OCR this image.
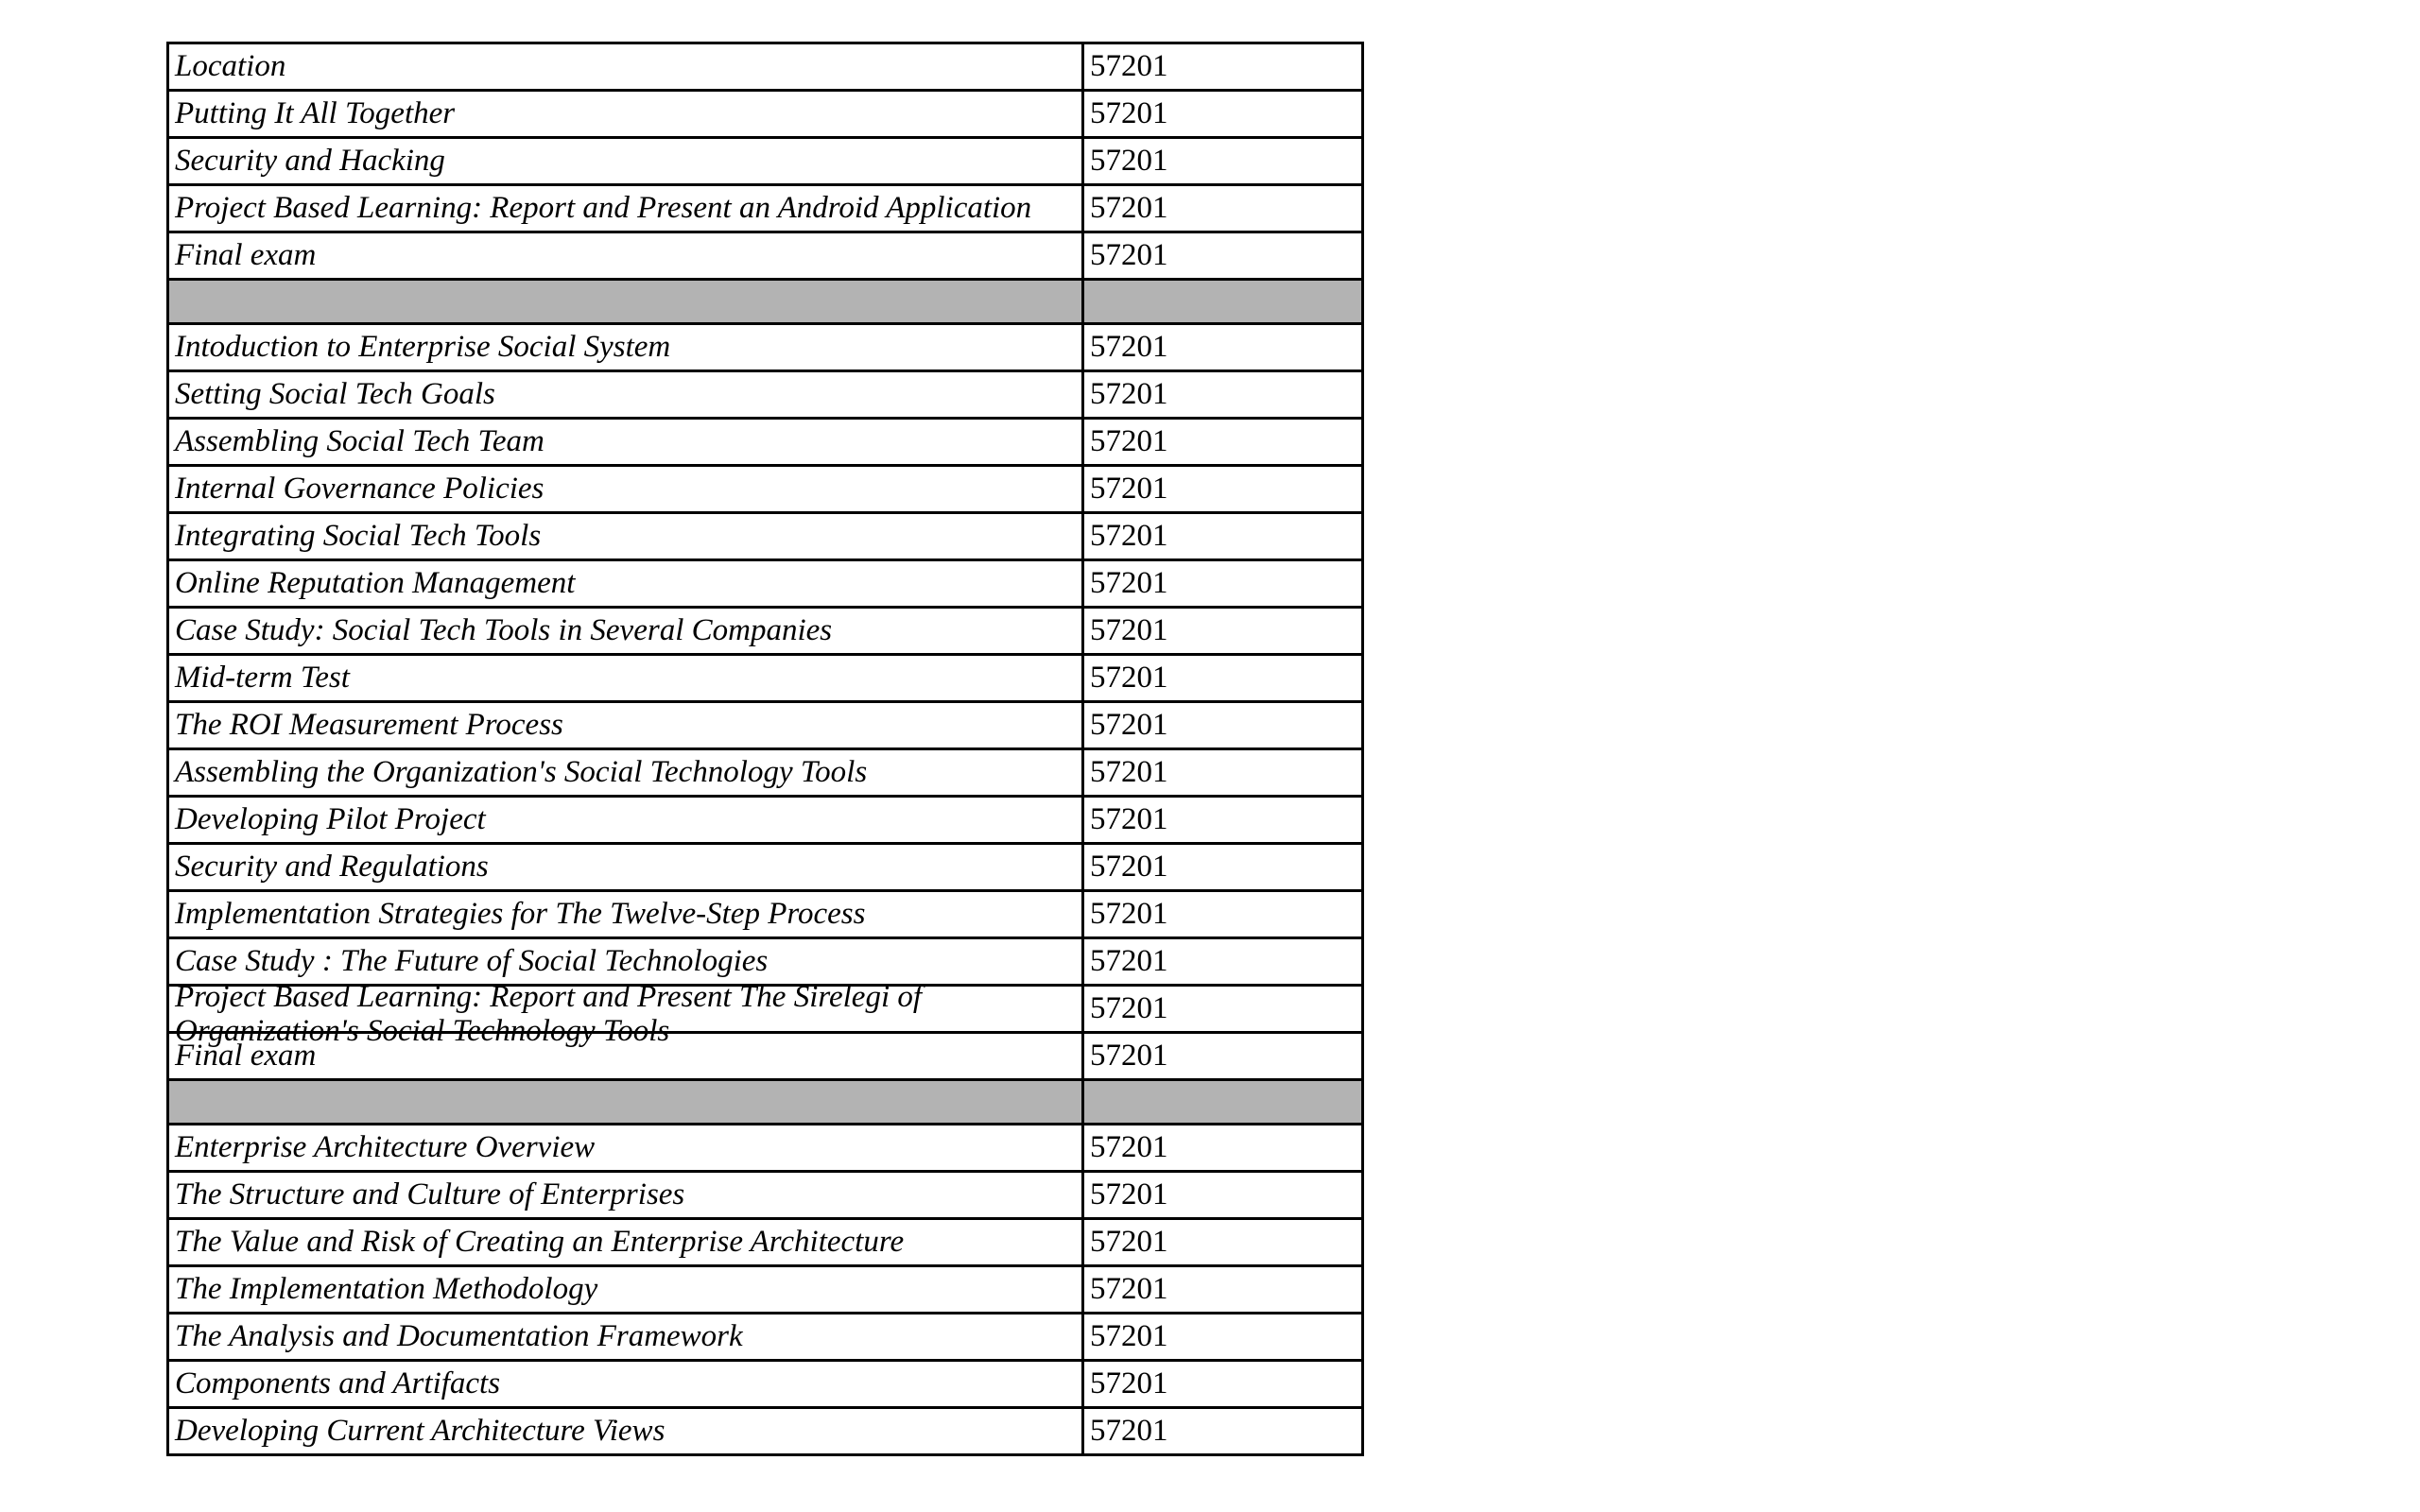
Location	57201
Putting It All Together	57201
Security and Hacking	57201
Project Based Learning: Report and Present an Android Application	57201
Final exam	57201

Intoduction to Enterprise Social System	57201
Setting Social Tech Goals	57201
Assembling Social Tech Team	57201
Internal Governance Policies	57201
Integrating Social Tech Tools	57201
Online Reputation Management	57201
Case Study: Social Tech Tools in Several Companies	57201
Mid-term Test	57201
The ROI Measurement Process	57201
Assembling the Organization's Social Technology Tools	57201
Developing Pilot Project	57201
Security and Regulations	57201
Implementation Strategies for The Twelve-Step Process	57201
Case Study : The Future of Social Technologies	57201

Project Based Learning: Report and Present The Sirelegi of Organization's Social Technology Tools	57201
Final exam	57201

Enterprise Architecture Overview	57201
The Structure and Culture of Enterprises	57201
The Value and Risk of Creating an Enterprise Architecture	57201
The Implementation Methodology	57201
The Analysis and Documentation Framework	57201
Components and Artifacts	57201
Developing Current Architecture Views	57201
